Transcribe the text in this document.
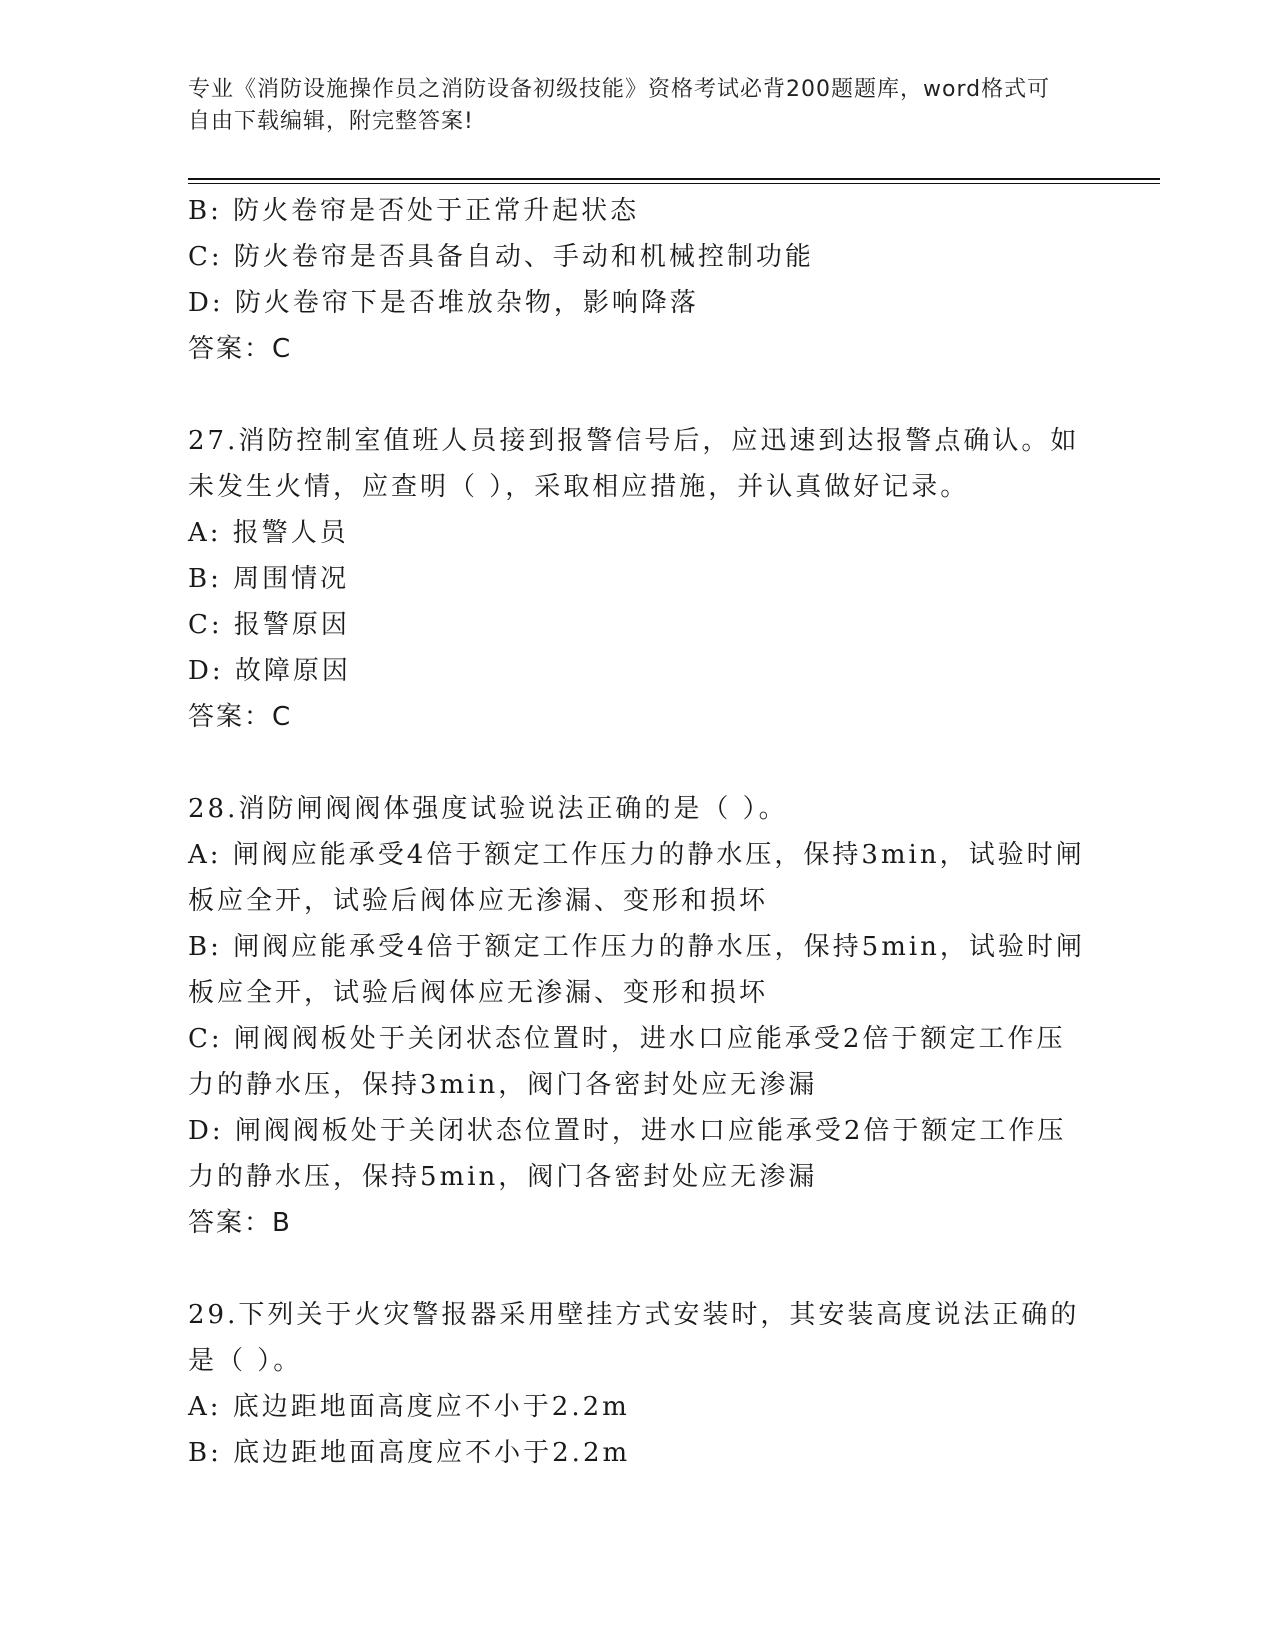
专业《消防设施操作员之消防设备初级技能》资格考试必背200题题库，word格式可自由下载编辑，附完整答案!

B: 防火卷帘是否处于正常升起状态

C: 防火卷帘是否具备自动、手动和机械控制功能

D: 防火卷帘下是否堆放杂物，影响降落

答案：C

27.消防控制室值班人员接到报警信号后，应迅速到达报警点确认。如未发生火情，应查明（ ），采取相应措施，并认真做好记录。

A: 报警人员

B: 周围情况

C: 报警原因

D: 故障原因

答案：C

28.消防闸阀阀体强度试验说法正确的是（ ）。

A: 闸阀应能承受4倍于额定工作压力的静水压，保持3min，试验时闸板应全开，试验后阀体应无渗漏、变形和损坏

B: 闸阀应能承受4倍于额定工作压力的静水压，保持5min，试验时闸板应全开，试验后阀体应无渗漏、变形和损坏

C: 闸阀阀板处于关闭状态位置时，进水口应能承受2倍于额定工作压力的静水压，保持3min，阀门各密封处应无渗漏

D: 闸阀阀板处于关闭状态位置时，进水口应能承受2倍于额定工作压力的静水压，保持5min，阀门各密封处应无渗漏

答案：B

29.下列关于火灾警报器采用壁挂方式安装时，其安装高度说法正确的是（ ）。

A: 底边距地面高度应不小于2.2m

B: 底边距地面高度应不小于2.2m
